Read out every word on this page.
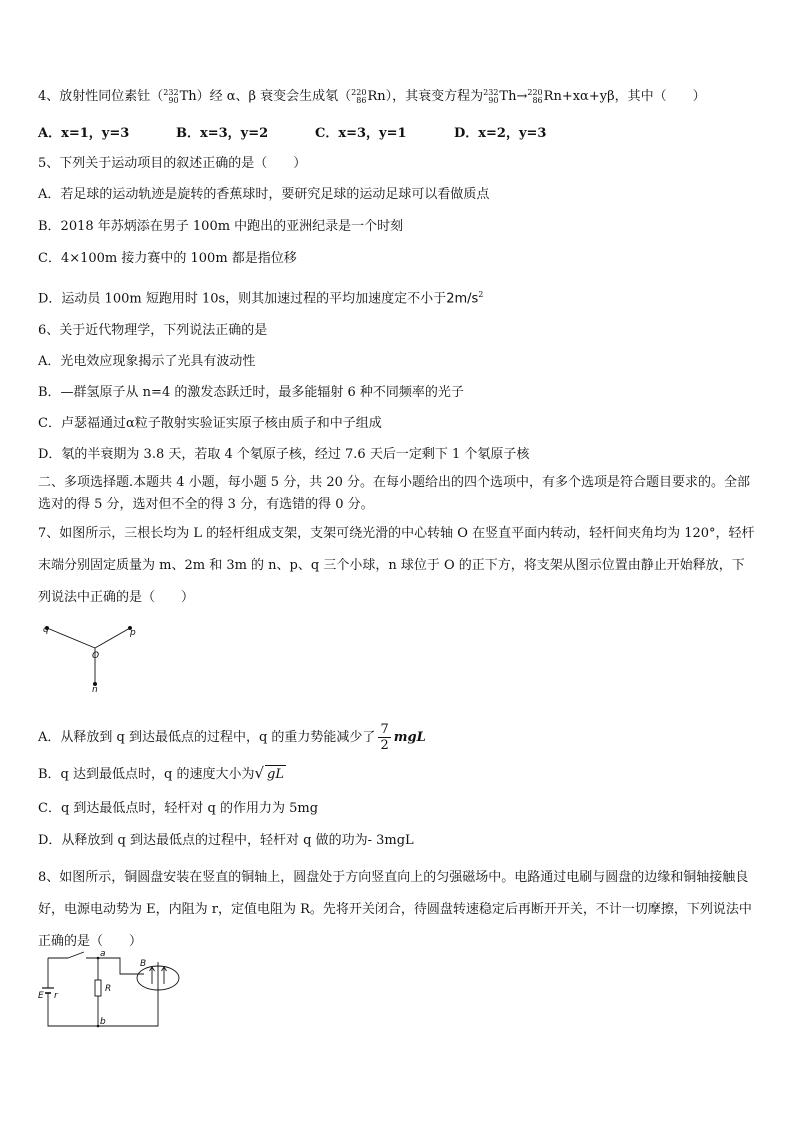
4、放射性同位素钍（ 232
90 Th）经 α、β 衰变会生成氡（ 220
86 Rn），其衰变方程为 232
90 Th→ 220
86 Rn+xα+yβ，其中（　　）
A．x=1，y=3	B．x=3，y=2	C．x=3，y=1	D．x=2，y=3
5、下列关于运动项目的叙述正确的是（　　）
A．若足球的运动轨迹是旋转的香蕉球时，要研究足球的运动足球可以看做质点
B．2018 年苏炳添在男子 100m 中跑出的亚洲纪录是一个时刻
C．4×100m 接力赛中的 100m 都是指位移
D．运动员 100m 短跑用时 10s，则其加速过程的平均加速度定不小于$2m/s^2$
6、关于近代物理学，下列说法正确的是
A．光电效应现象揭示了光具有波动性
B．—群氢原子从 n=4 的激发态跃迁时，最多能辐射 6 种不同频率的光子
C．卢瑟福通过α粒子散射实验证实原子核由质子和中子组成
D．氡的半衰期为 3.8 天，若取 4 个氡原子核，经过 7.6 天后一定剩下 1 个氡原子核
二、多项选择题.本题共 4 小题，每小题 5 分，共 20 分。在每小题给出的四个选项中，有多个选项是符合题目要求的。全部选对的得 5 分，选对但不全的得 3 分，有选错的得 0 分。
7、如图所示，三根长均为 L 的轻杆组成支架，支架可绕光滑的中心转轴 O 在竖直平面内转动，轻杆间夹角均为 120°，轻杆末端分别固定质量为 m、2m 和 3m 的 n、p、q 三个小球，n 球位于 O 的正下方，将支架从图示位置由静止开始释放，下列说法中正确的是（　　）
q	p
O
n
A．从释放到 q 到达最低点的过程中，q 的重力势能减少了 $\frac{7}{2}$ mgL
B．q 达到最低点时，q 的速度大小为√ gL
C．q 到达最低点时，轻杆对 q 的作用力为 5mg
D．从释放到 q 到达最低点的过程中，轻杆对 q 做的功为- 3mgL
8、如图所示，铜圆盘安装在竖直的铜轴上，圆盘处于方向竖直向上的匀强磁场中。电路通过电刷与圆盘的边缘和铜轴接触良好，电源电动势为 E，内阻为 r，定值电阻为 R。先将开关闭合，待圆盘转速稳定后再断开开关，不计一切摩擦，下列说法中正确的是（　　）
a
b
R
B
E r
